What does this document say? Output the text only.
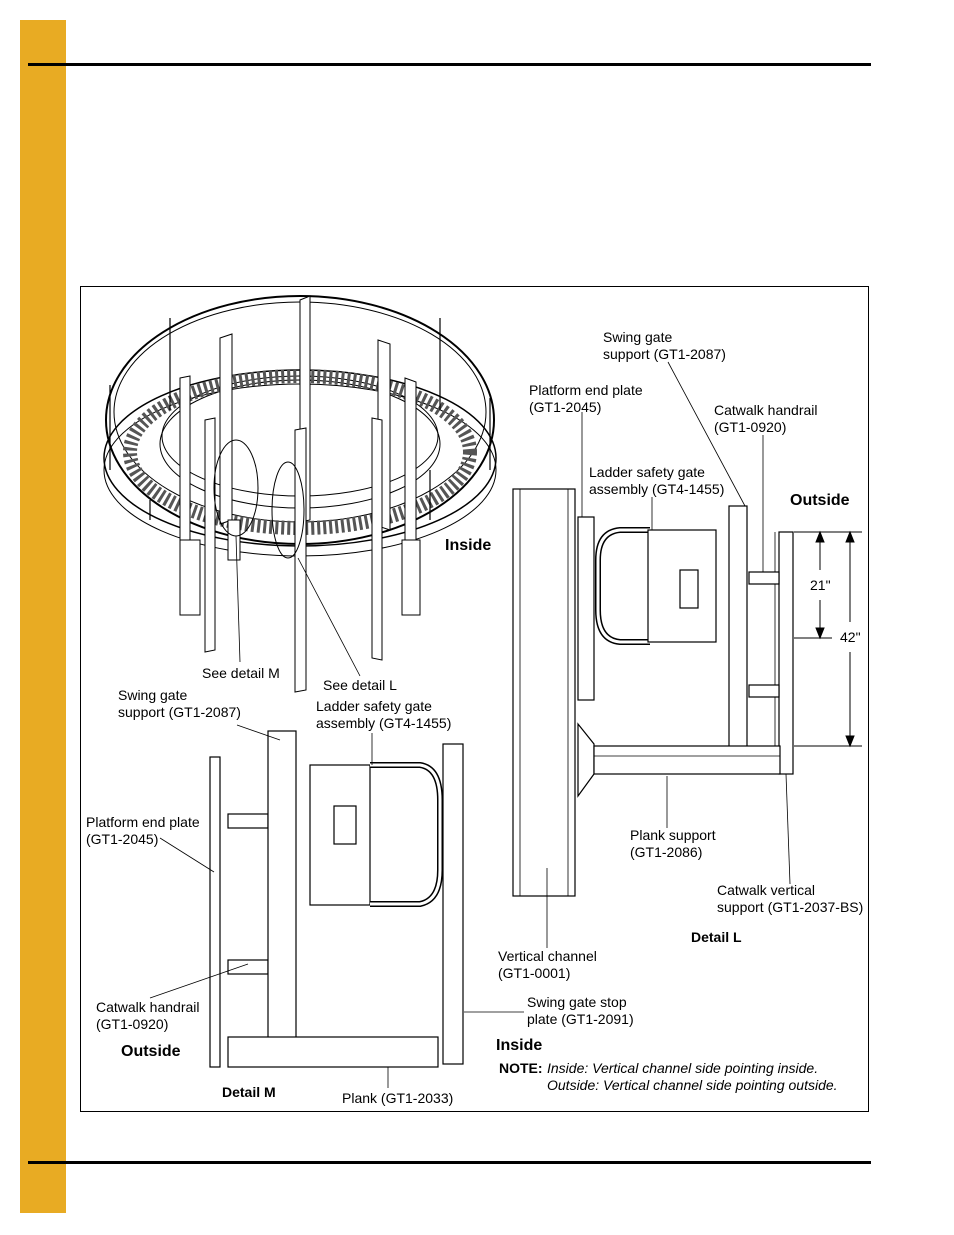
Swing gate
support (GT1-2087)
Platform end plate
(GT1-2045)	Catwalk handrail
(GT1-0920)
Ladder safety gate
assembly (GT4-1455)
Outside
Inside
21"
42"
See detail M
See detail L
Swing gate
support (GT1-2087)	Ladder safety gate
assembly (GT4-1455)
Platform end plate
(GT1-2045)	Plank support
(GT1-2086)
Catwalk vertical
support (GT1-2037-BS)
Detail L
Vertical channel
(GT1-0001)
Swing gate stop
plate (GT1-2091)
Catwalk handrail
(GT1-0920)
Inside
Outside
NOTE: Inside: Vertical channel side pointing inside.
Outside: Vertical channel side pointing outside.
Detail M	Plank (GT1-2033)
